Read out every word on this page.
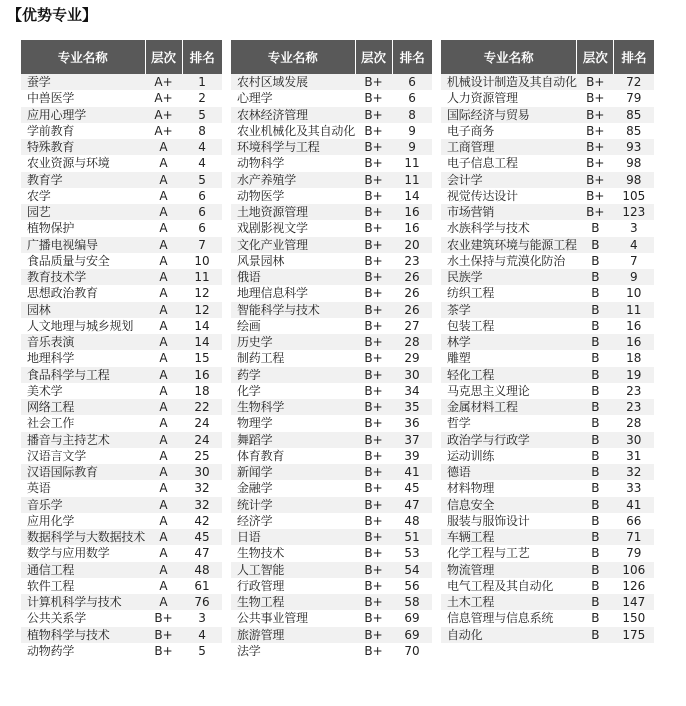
【优势专业】
专业名称	层次	排名
蚕学	A+	1
中兽医学	A+	2
应用心理学	A+	5
学前教育	A+	8
特殊教育	A	4
农业资源与环境	A	4
教育学	A	5
农学	A	6
园艺	A	6
植物保护	A	6
广播电视编导	A	7
食品质量与安全	A	10
教育技术学	A	11
思想政治教育	A	12
园林	A	12
人文地理与城乡规划	A	14
音乐表演	A	14
地理科学	A	15
食品科学与工程	A	16
美术学	A	18
网络工程	A	22
社会工作	A	24
播音与主持艺术	A	24
汉语言文学	A	25
汉语国际教育	A	30
英语	A	32
音乐学	A	32
应用化学	A	42
数据科学与大数据技术	A	45
数学与应用数学	A	47
通信工程	A	48
软件工程	A	61
计算机科学与技术	A	76
公共关系学	B+	3
植物科学与技术	B+	4
动物药学	B+	5
专业名称	层次	排名
农村区域发展	B+	6
心理学	B+	6
农林经济管理	B+	8
农业机械化及其自动化	B+	9
环境科学与工程	B+	9
动物科学	B+	11
水产养殖学	B+	11
动物医学	B+	14
土地资源管理	B+	16
戏剧影视文学	B+	16
文化产业管理	B+	20
风景园林	B+	23
俄语	B+	26
地理信息科学	B+	26
智能科学与技术	B+	26
绘画	B+	27
历史学	B+	28
制药工程	B+	29
药学	B+	30
化学	B+	34
生物科学	B+	35
物理学	B+	36
舞蹈学	B+	37
体育教育	B+	39
新闻学	B+	41
金融学	B+	45
统计学	B+	47
经济学	B+	48
日语	B+	51
生物技术	B+	53
人工智能	B+	54
行政管理	B+	56
生物工程	B+	58
公共事业管理	B+	69
旅游管理	B+	69
法学	B+	70
专业名称	层次	排名
机械设计制造及其自动化	B+	72
人力资源管理	B+	79
国际经济与贸易	B+	85
电子商务	B+	85
工商管理	B+	93
电子信息工程	B+	98
会计学	B+	98
视觉传达设计	B+	105
市场营销	B+	123
水族科学与技术	B	3
农业建筑环境与能源工程	B	4
水土保持与荒漠化防治	B	7
民族学	B	9
纺织工程	B	10
茶学	B	11
包装工程	B	16
林学	B	16
雕塑	B	18
轻化工程	B	19
马克思主义理论	B	23
金属材料工程	B	23
哲学	B	28
政治学与行政学	B	30
运动训练	B	31
德语	B	32
材料物理	B	33
信息安全	B	41
服装与服饰设计	B	66
车辆工程	B	71
化学工程与工艺	B	79
物流管理	B	106
电气工程及其自动化	B	126
土木工程	B	147
信息管理与信息系统	B	150
自动化	B	175
